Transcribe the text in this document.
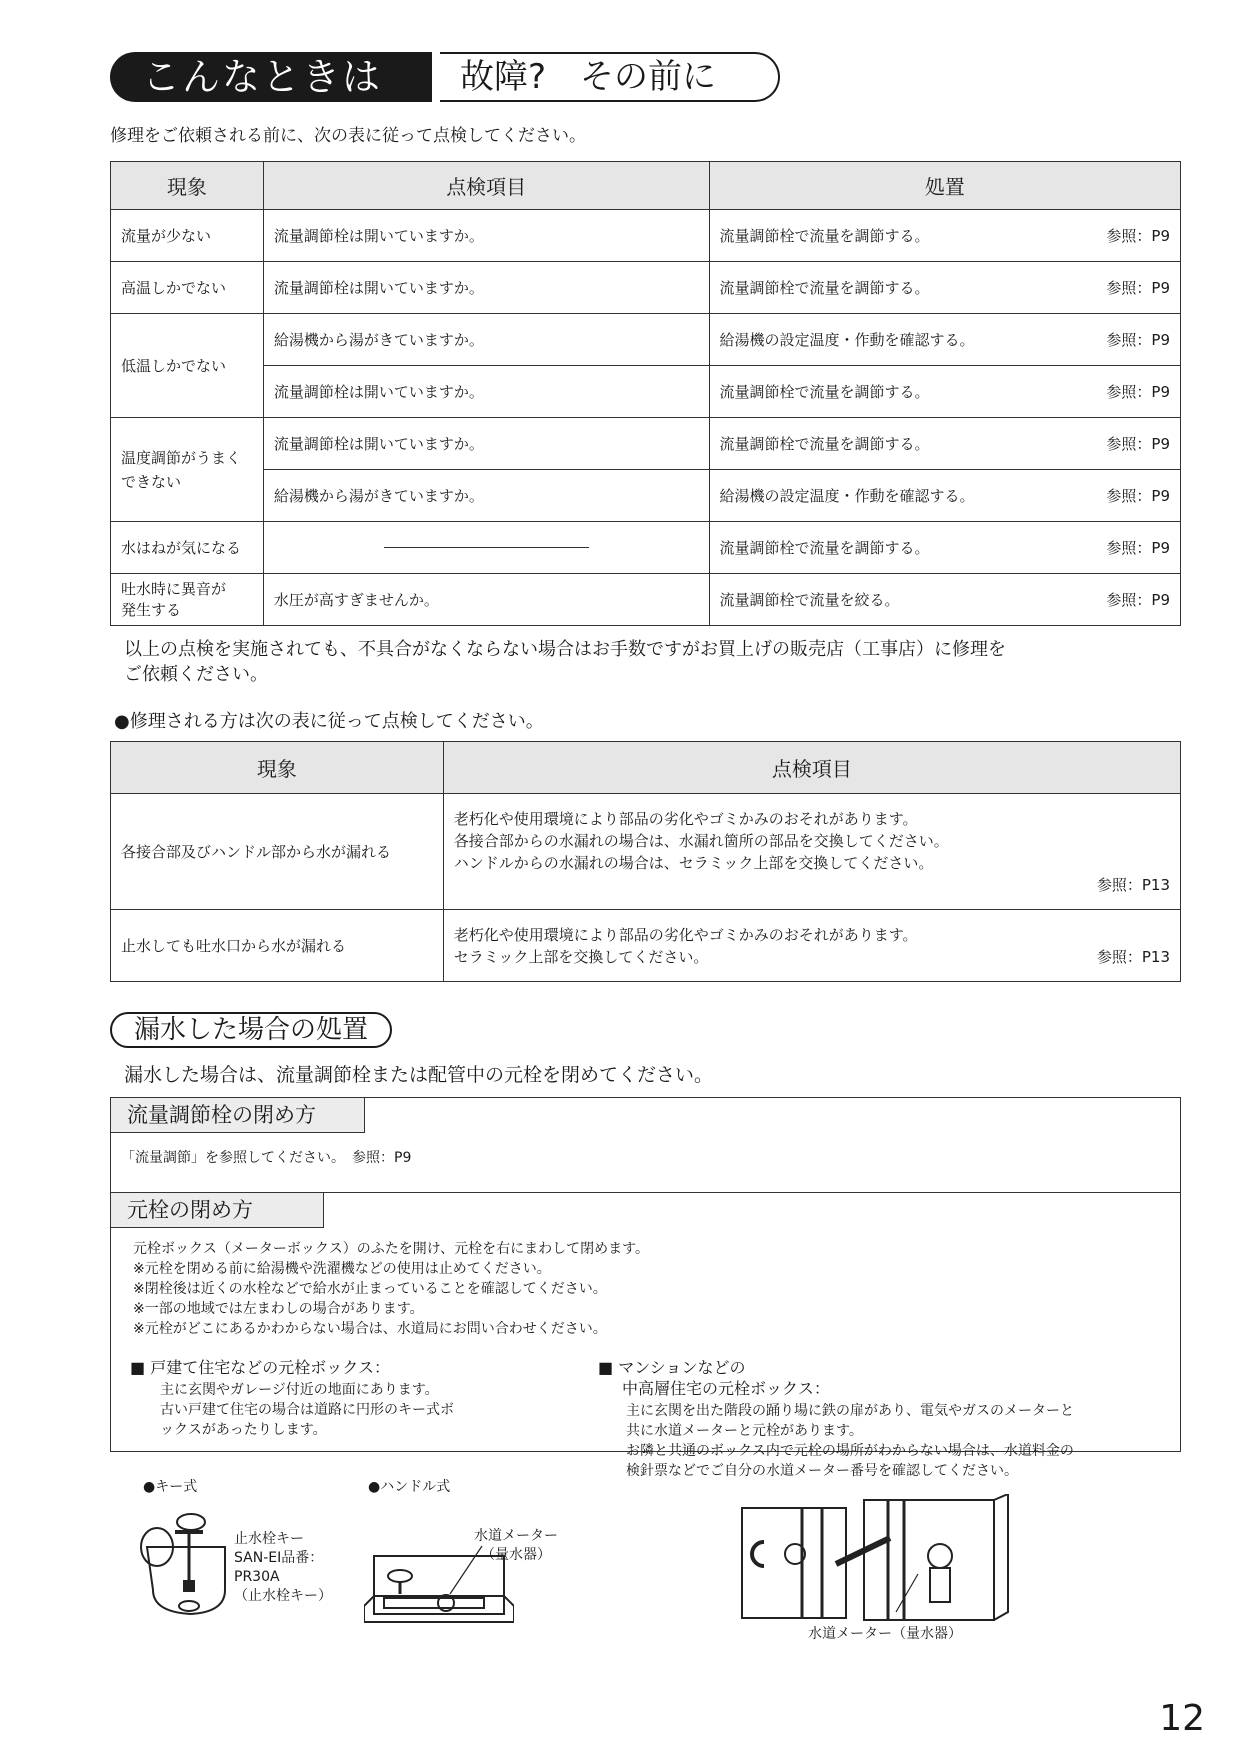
こんなときは	故障?　その前に
修理をご依頼される前に、次の表に従って点検してください。
現象	点検項目	処置
流量が少ない	流量調節栓は開いていますか。	流量調節栓で流量を調節する。 参照：P9

高温しかでない	流量調節栓は開いていますか。	流量調節栓で流量を調節する。 参照：P9

低温しかでない	給湯機から湯がきていますか。	給湯機の設定温度・作動を確認する。 参照：P9

	流量調節栓は開いていますか。	流量調節栓で流量を調節する。 参照：P9

温度調節がうまく
できない	流量調節栓は開いていますか。	流量調節栓で流量を調節する。 参照：P9

	給湯機から湯がきていますか。	給湯機の設定温度・作動を確認する。 参照：P9

水はねが気になる		流量調節栓で流量を調節する。 参照：P9

吐水時に異音が
発生する	水圧が高すぎませんか。	流量調節栓で流量を絞る。 参照：P9
以上の点検を実施されても、不具合がなくならない場合はお手数ですがお買上げの販売店（工事店）に修理を
ご依頼ください。
●修理される方は次の表に従って点検してください。
現象	点検項目
各接合部及びハンドル部から水が漏れる	老朽化や使用環境により部品の劣化やゴミかみのおそれがあります。
各接合部からの水漏れの場合は、水漏れ箇所の部品を交換してください。
ハンドルからの水漏れの場合は、セラミック上部を交換してください。
参照：P13

止水しても吐水口から水が漏れる	老朽化や使用環境により部品の劣化やゴミかみのおそれがあります。
セラミック上部を交換してください。 参照：P13
漏水した場合の処置
漏水した場合は、流量調節栓または配管中の元栓を閉めてください。
流量調節栓の閉め方
「流量調節」を参照してください。　参照：P9
元栓の閉め方
元栓ボックス（メーターボックス）のふたを開け、元栓を右にまわして閉めます。
※元栓を閉める前に給湯機や洗濯機などの使用は止めてください。
※閉栓後は近くの水栓などで給水が止まっていることを確認してください。
※一部の地域では左まわしの場合があります。
※元栓がどこにあるかわからない場合は、水道局にお問い合わせください。
■ 戸建て住宅などの元栓ボックス：
主に玄関やガレージ付近の地面にあります。
古い戸建て住宅の場合は道路に円形のキー式ボ
ックスがあったりします。
●キー式	●ハンドル式
止水栓キー
SAN-EI品番：
PR30A
（止水栓キー）
水道メーター
（量水器）
■ マンションなどの
中高層住宅の元栓ボックス：
主に玄関を出た階段の踊り場に鉄の扉があり、電気やガスのメーターと
共に水道メーターと元栓があります。
お隣と共通のボックス内で元栓の場所がわからない場合は、水道料金の
検針票などでご自分の水道メーター番号を確認してください。
水道メーター（量水器）
12
